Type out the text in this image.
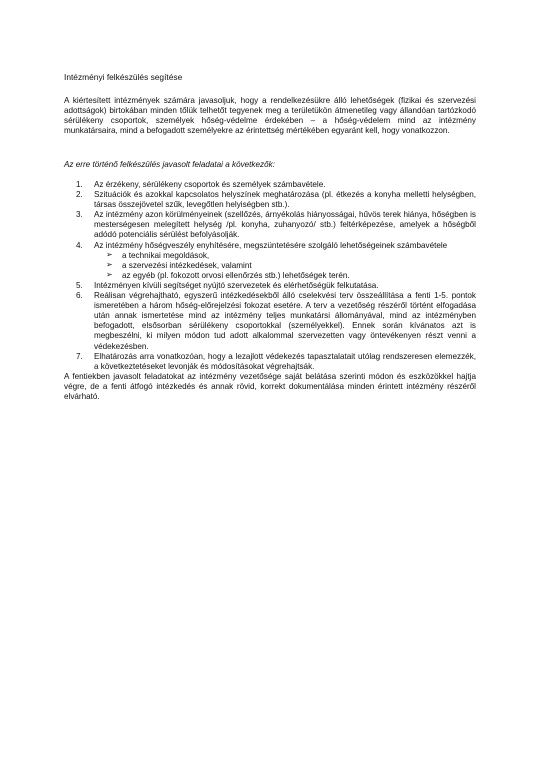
Intézményi felkészülés segítése
A kiértesített intézmények számára javasoljuk, hogy a rendelkezésükre álló lehetőségek (fizikai és szervezési adottságok) birtokában minden tőlük telhetőt tegyenek meg a területükön átmenetileg vagy állandóan tartózkodó sérülékeny csoportok, személyek hőség-védelme érdekében – a hőség-védelem mind az intézmény munkatársaira, mind a befogadott személyekre az érintettség mértékében egyaránt kell, hogy vonatkozzon.
Az erre történő felkészülés javasolt feladatai a következők:
1. Az érzékeny, sérülékeny csoportok és személyek számbavétele.
2. Szituációk és azokkal kapcsolatos helyszínek meghatározása (pl. étkezés a konyha melletti helységben, társas összejövetel szűk, levegőtlen helyiségben stb.).
3. Az intézmény azon körülményeinek (szellőzés, árnyékolás hiányosságai, hűvös terek hiánya, hőségben is mesterségesen melegített helység /pl. konyha, zuhanyozó/ stb.) feltérképezése, amelyek a hőségből adódó potenciális sérülést befolyásolják.
4. Az intézmény hőségveszély enyhítésére, megszüntetésére szolgáló lehetőségeinek számbavétele
➢ a technikai megoldások,
➢ a szervezési intézkedések, valamint
➢ az egyéb (pl. fokozott orvosi ellenőrzés stb.) lehetőségek terén.
5. Intézményen kívüli segítséget nyújtó szervezetek és elérhetőségük felkutatása.
6. Reálisan végrehajtható, egyszerű intézkedésekből álló cselekvési terv összeállítása a fenti 1-5. pontok ismeretében a három hőség-előrejelzési fokozat esetére. A terv a vezetőség részéről történt elfogadása után annak ismertetése mind az intézmény teljes munkatársi állományával, mind az intézményben befogadott, elsősorban sérülékeny csoportokkal (személyekkel). Ennek során kívánatos azt is megbeszélni, ki milyen módon tud adott alkalommal szervezetten vagy öntevékenyen részt venni a védekezésben.
7. Elhatározás arra vonatkozóan, hogy a lezajlott védekezés tapasztalatait utólag rendszeresen elemezzék, a következtetéseket levonják és módosításokat végrehajtsák.
A fentiekben javasolt feladatokat az intézmény vezetősége saját belátása szerinti módon és eszközökkel hajtja végre, de a fenti átfogó intézkedés és annak rövid, korrekt dokumentálása minden érintett intézmény részéről elvárható.
